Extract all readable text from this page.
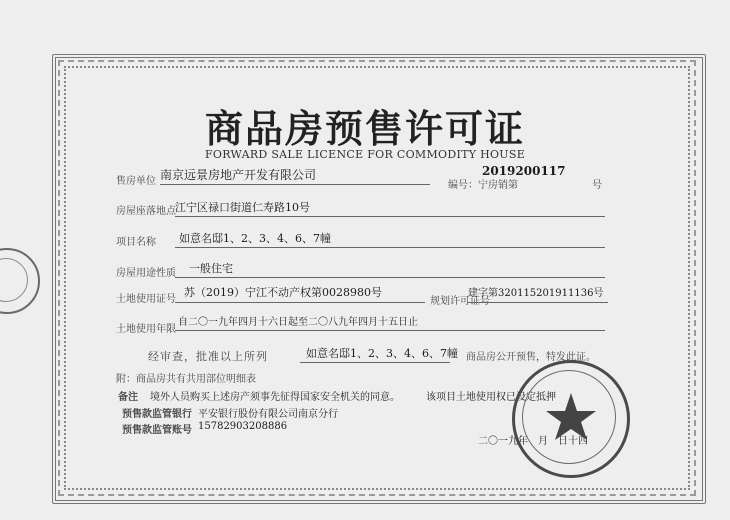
商品房预售许可证
FORWARD SALE LICENCE FOR COMMODITY HOUSE
售房单位 南京远景房地产开发有限公司
编号：宁房销第
2019200117
号
房屋座落地点 江宁区禄口街道仁寿路10号
项目名称 如意名邸1、2、3、4、6、7幢
房屋用途性质 一般住宅
土地使用证号
苏（2019）宁江不动产权第0028980号
规划许可证号
建字第320115201911136号
土地使用年限
自二〇一九年四月十六日起至二〇八九年四月十五日止
经审查，批准以上所列	如意名邸1、2、3、4、6、7幢 商品房公开预售，特发此证。
附：商品房共有共用部位明细表
备注 境外人员购买上述房产须事先征得国家安全机关的同意。	该项目土地使用权已设定抵押
预售款监管银行 平安银行股份有限公司南京分行
预售款监管账号 15782903208886
二〇一九年　月　日十四
